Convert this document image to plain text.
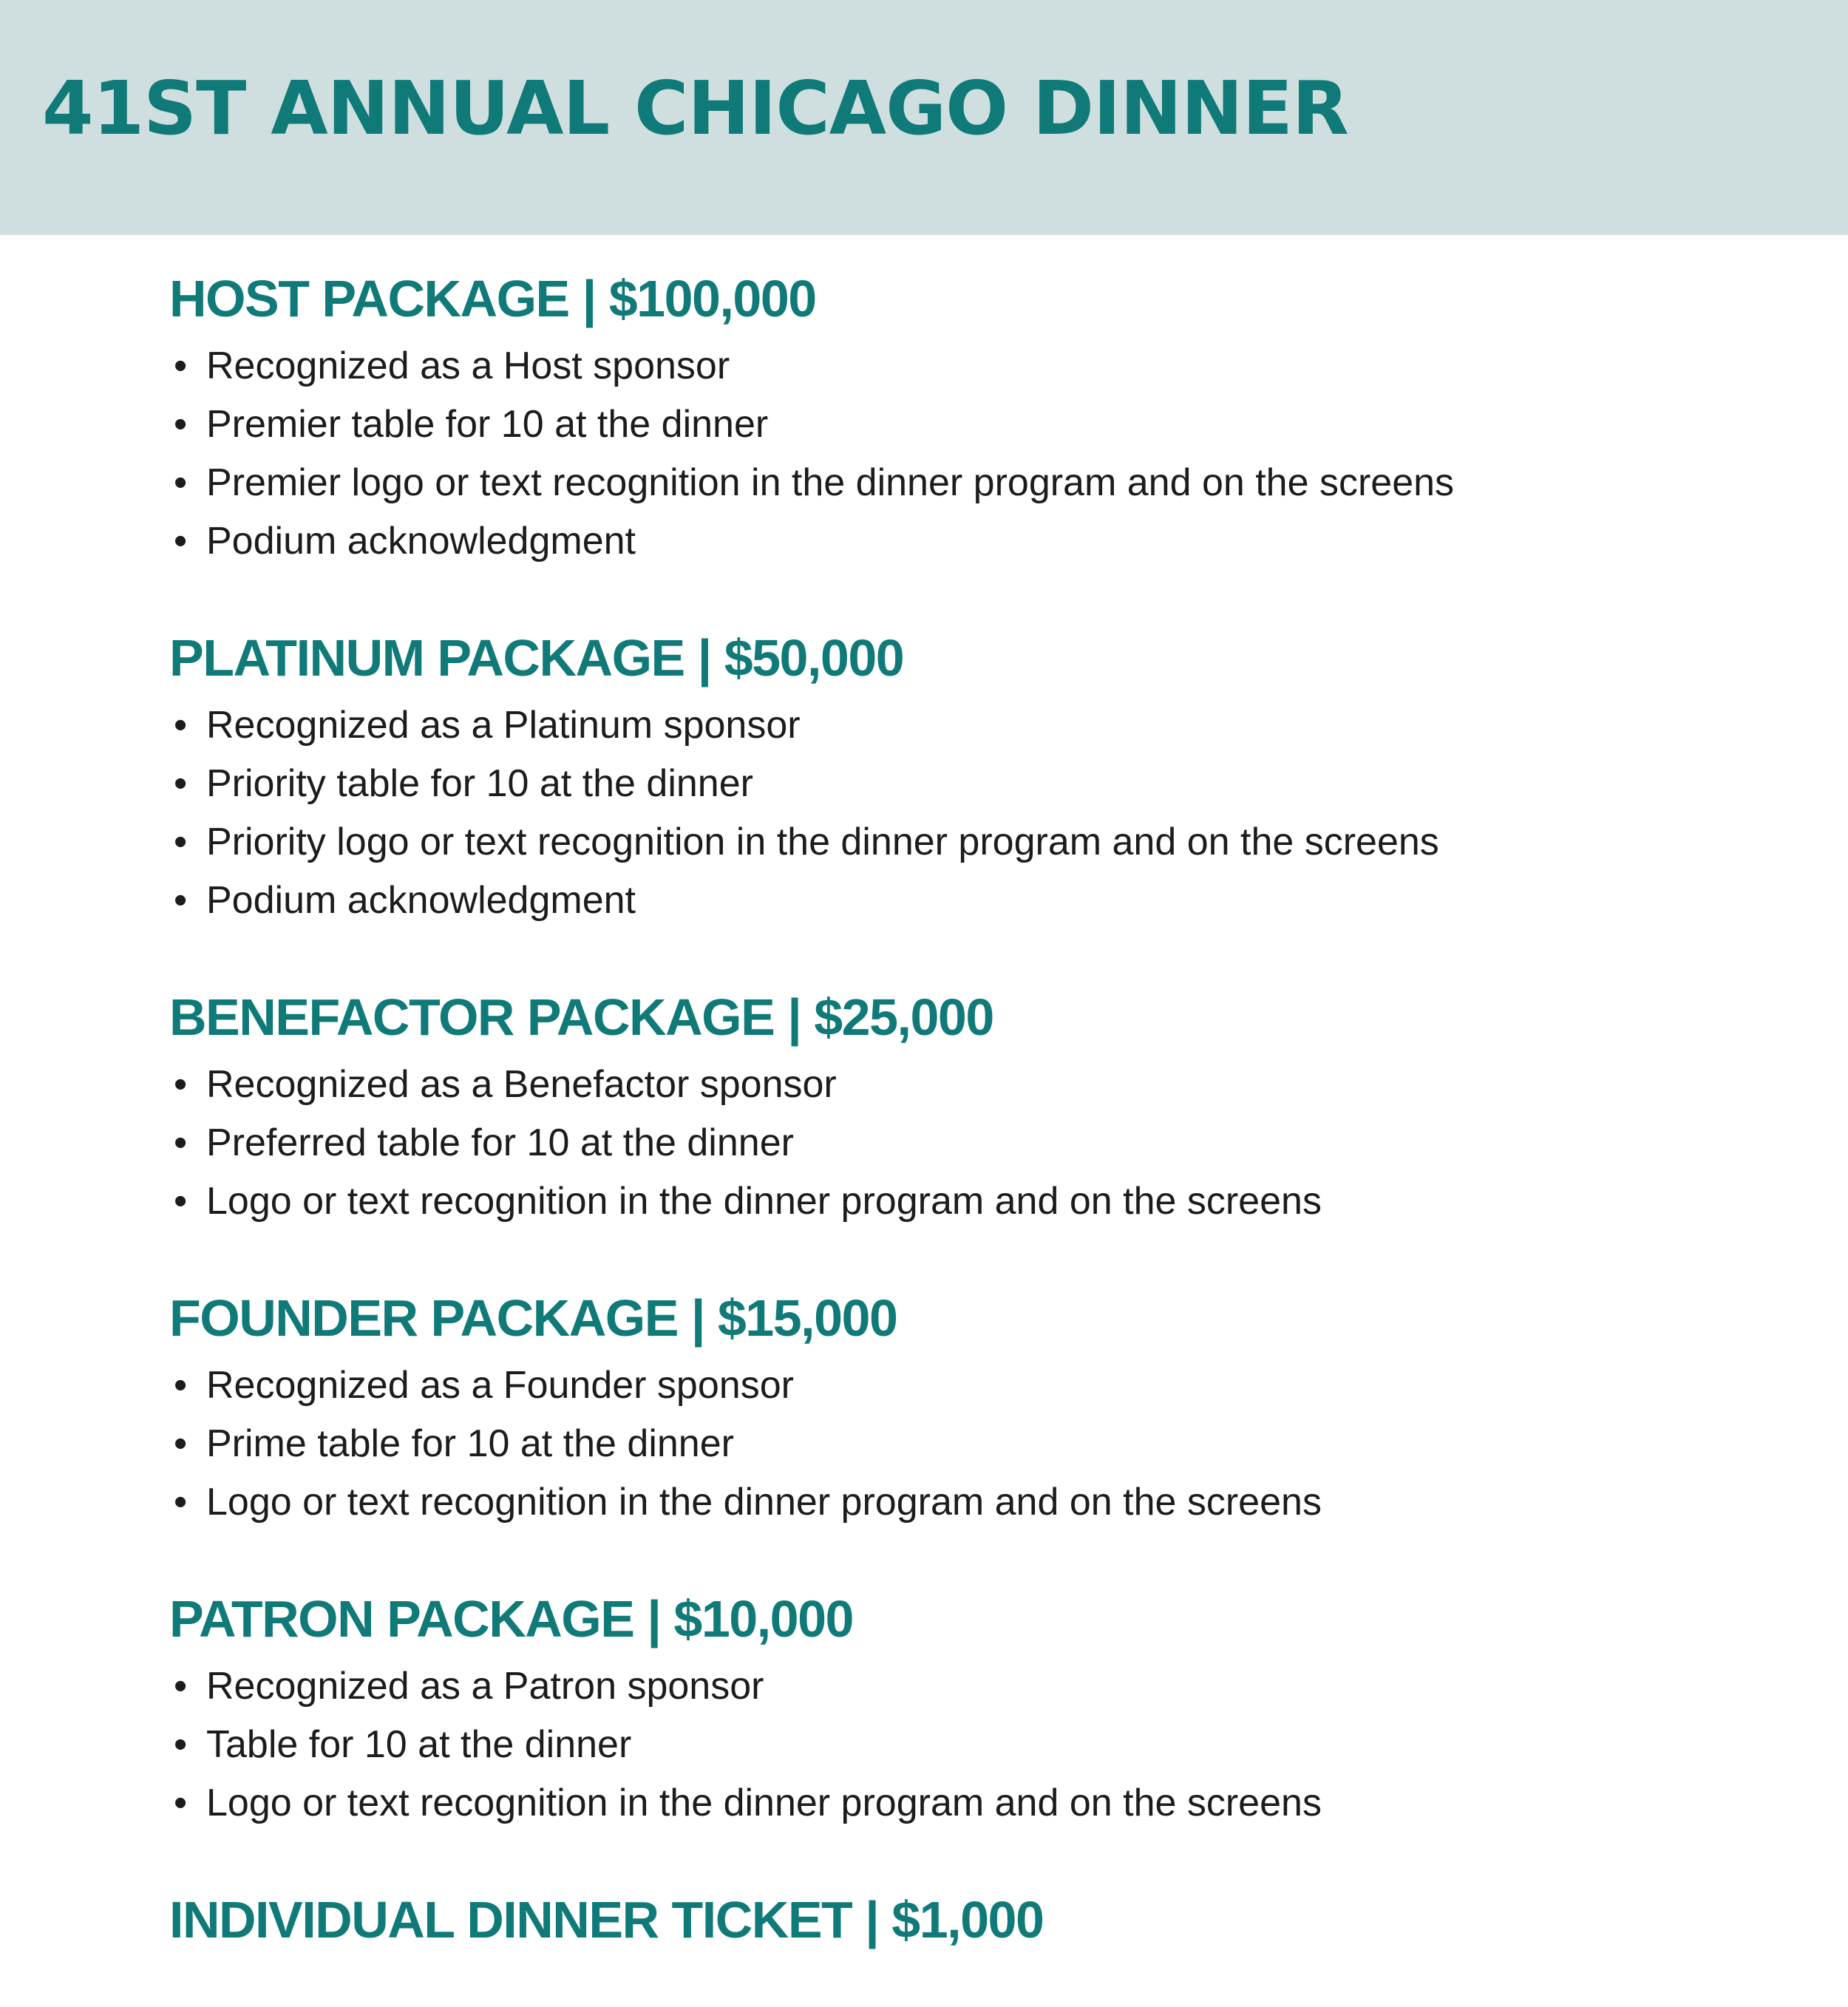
41ST ANNUAL CHICAGO DINNER
HOST PACKAGE | $100,000
• Recognized as a Host sponsor
• Premier table for 10 at the dinner
• Premier logo or text recognition in the dinner program and on the screens
• Podium acknowledgment
PLATINUM PACKAGE | $50,000
• Recognized as a Platinum sponsor
• Priority table for 10 at the dinner
• Priority logo or text recognition in the dinner program and on the screens
• Podium acknowledgment
BENEFACTOR PACKAGE | $25,000
• Recognized as a Benefactor sponsor
• Preferred table for 10 at the dinner
• Logo or text recognition in the dinner program and on the screens
FOUNDER PACKAGE | $15,000
• Recognized as a Founder sponsor
• Prime table for 10 at the dinner
• Logo or text recognition in the dinner program and on the screens
PATRON PACKAGE | $10,000
• Recognized as a Patron sponsor
• Table for 10 at the dinner
• Logo or text recognition in the dinner program and on the screens
INDIVIDUAL DINNER TICKET | $1,000
